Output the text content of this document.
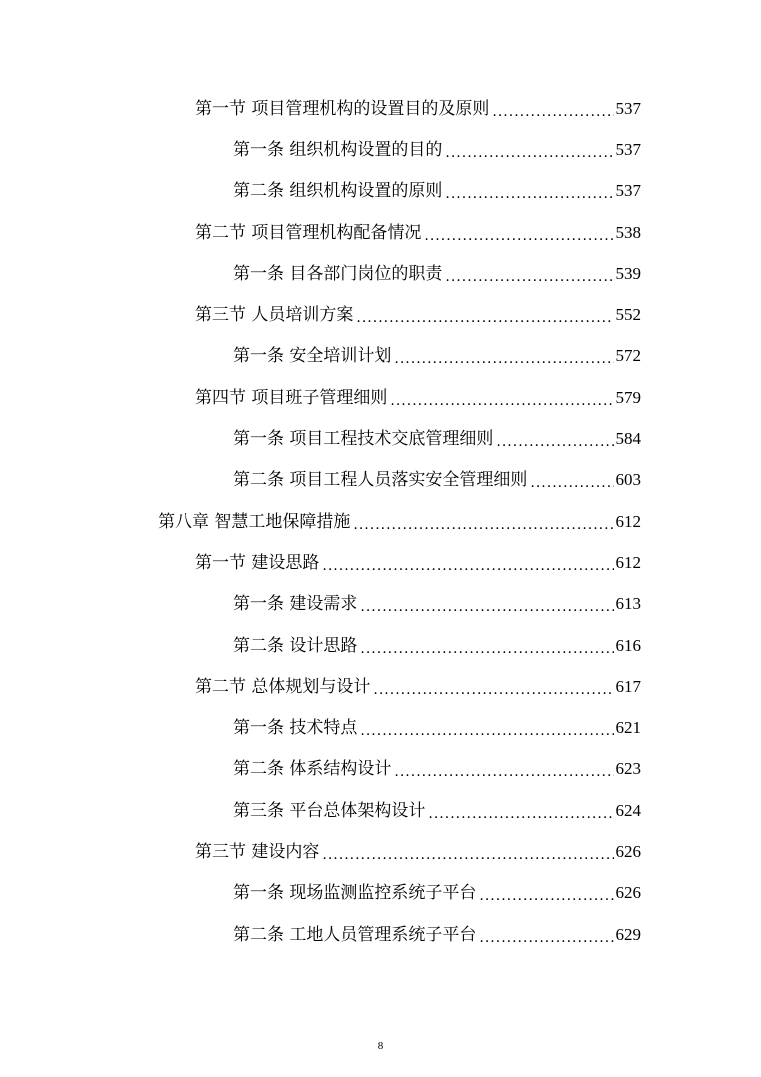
第一节 项目管理机构的设置目的及原则 .....	537
第一条 组织机构设置的目的 .....	537
第二条 组织机构设置的原则 .....	537
第二节 项目管理机构配备情况 .....	538
第一条 目各部门岗位的职责 .....	539
第三节 人员培训方案 .....	552
第一条 安全培训计划 .....	572
第四节 项目班子管理细则 .....	579
第一条 项目工程技术交底管理细则 .....	584
第二条 项目工程人员落实安全管理细则 .....	603
第八章 智慧工地保障措施 .....	612
第一节 建设思路 .....	612
第一条 建设需求 .....	613
第二条 设计思路 .....	616
第二节 总体规划与设计 .....	617
第一条 技术特点 .....	621
第二条 体系结构设计 .....	623
第三条 平台总体架构设计 .....	624
第三节 建设内容 .....	626
第一条 现场监测监控系统子平台 .....	626
第二条 工地人员管理系统子平台 .....	629
8
